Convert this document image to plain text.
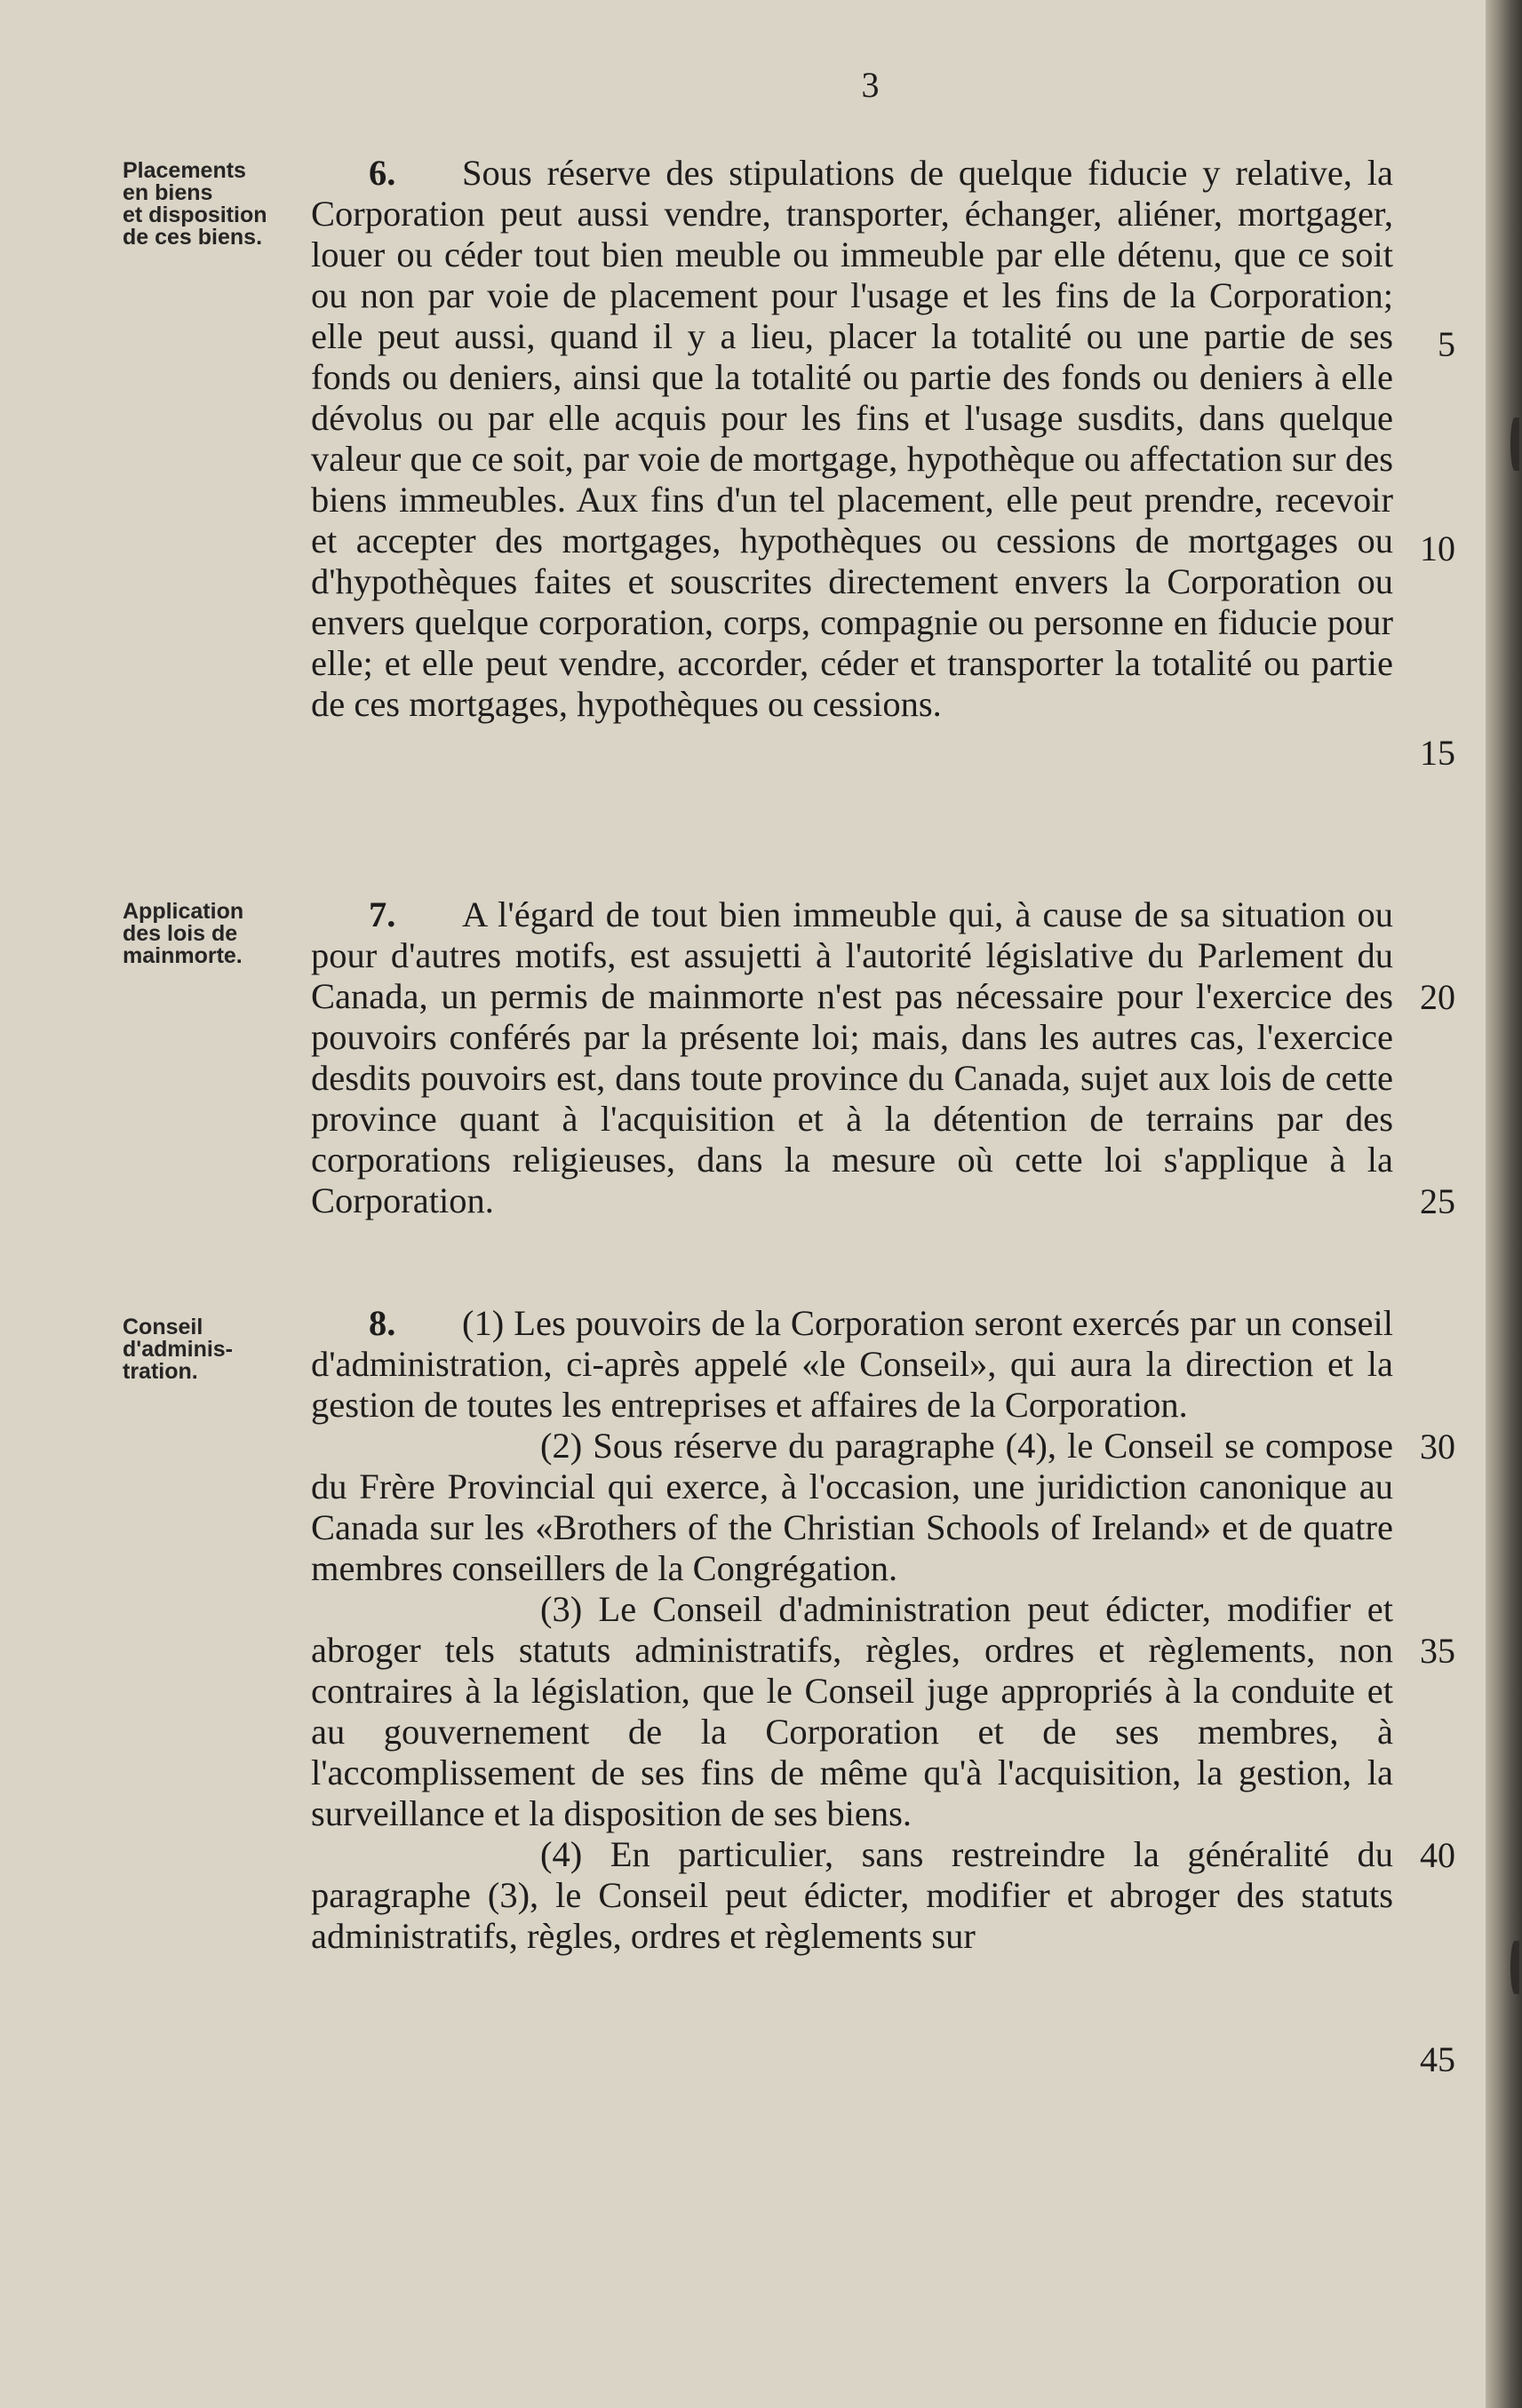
3
Placements
en biens
et disposition
de ces biens.
Application
des lois de
mainmorte.
Conseil
d'adminis-
tration.

6. Sous réserve des stipulations de quelque fiducie y relative, la Corporation peut aussi vendre, transporter, échanger, aliéner, mortgager, louer ou céder tout bien meuble ou immeuble par elle détenu, que ce soit ou non par voie de placement pour l'usage et les fins de la Corporation; elle peut aussi, quand il y a lieu, placer la totalité ou une partie de ses fonds ou deniers, ainsi que la totalité ou partie des fonds ou deniers à elle dévolus ou par elle acquis pour les fins et l'usage susdits, dans quelque valeur que ce soit, par voie de mortgage, hypothèque ou affectation sur des biens immeubles. Aux fins d'un tel placement, elle peut prendre, recevoir et accepter des mortgages, hypothèques ou cessions de mortgages ou d'hypothèques faites et souscrites directement envers la Corporation ou envers quelque corporation, corps, compagnie ou personne en fiducie pour elle; et elle peut vendre, accorder, céder et transporter la totalité ou partie de ces mortgages, hypothèques ou cessions.

7. A l'égard de tout bien immeuble qui, à cause de sa situation ou pour d'autres motifs, est assujetti à l'autorité législative du Parlement du Canada, un permis de mainmorte n'est pas nécessaire pour l'exercice des pouvoirs conférés par la présente loi; mais, dans les autres cas, l'exercice desdits pouvoirs est, dans toute province du Canada, sujet aux lois de cette province quant à l'acquisition et à la détention de terrains par des corporations religieuses, dans la mesure où cette loi s'applique à la Corporation.

8. (1) Les pouvoirs de la Corporation seront exercés par un conseil d'administration, ci-après appelé «le Conseil», qui aura la direction et la gestion de toutes les entreprises et affaires de la Corporation.

(2) Sous réserve du paragraphe (4), le Conseil se compose du Frère Provincial qui exerce, à l'occasion, une juridiction canonique au Canada sur les «Brothers of the Christian Schools of Ireland» et de quatre membres conseillers de la Congrégation.

(3) Le Conseil d'administration peut édicter, modifier et abroger tels statuts administratifs, règles, ordres et règlements, non contraires à la législation, que le Conseil juge appropriés à la conduite et au gouvernement de la Corporation et de ses membres, à l'accomplissement de ses fins de même qu'à l'acquisition, la gestion, la surveillance et la disposition de ses biens.

(4) En particulier, sans restreindre la généralité du paragraphe (3), le Conseil peut édicter, modifier et abroger des statuts administratifs, règles, ordres et règlements sur

5
10
15
20
25
30
35
40
45
